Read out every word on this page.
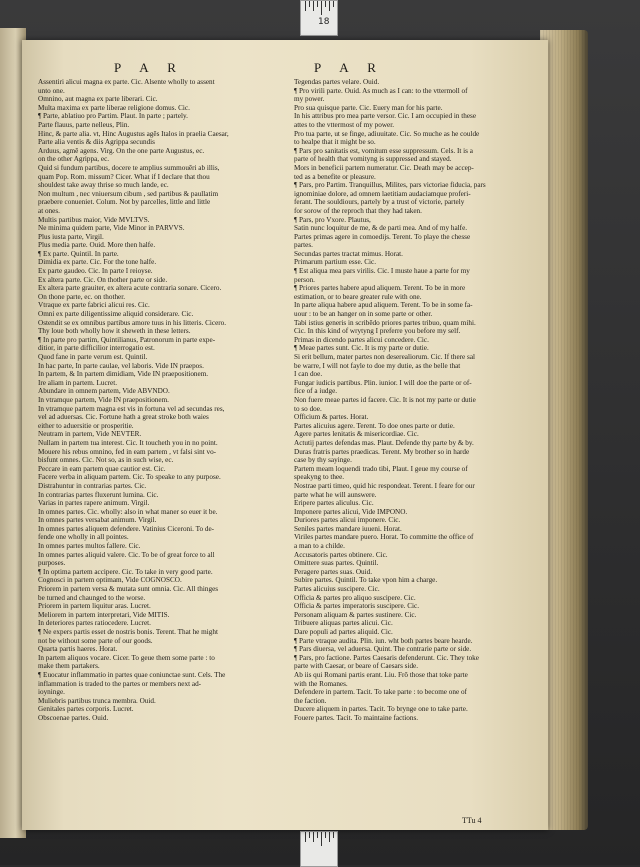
18
P A R	P A R
Assentiri alicui magna ex parte. Cic. Alsente wholly to assent
unto one.
Omnino, aut magna ex parte liberari. Cic.
Multa maxima ex parte liberae religione domus. Cic.
¶ Parte, ablatiuo pro Partim. Plaut. In parte ; partely.
Parte flauus, parte nelleus, Plin.
Hinc, & parte alia. vt, Hinc Augustus agēs Italos in praelia Caesar,
Parte alia ventis & diis Agrippa secundis
Arduus, agmē agens. Virg. On the one parte Augustus, ec.
on the other Agrippa, ec.
Quid si fundum partibus, docere te amplius summouēri ab illis,
quam Pop. Rom. missum? Cicer. What if I declare that thou
shouldest take away thrise so much lande, ec.
Non multum , nec vniuersum cibum , sed partibus & paullatim
praebere conueniet. Colum. Not by parcelles, little and little
at ones.
Multis partibus maior, Vide MVLTVS.
Ne minima quidem parte, Vide Minor in PARVVS.
Plus iusta parte, Virgil.
Plus media parte. Ouid. More then halfe.
¶ Ex parte. Quintil. In parte.
Dimidia ex parte. Cic. For the tone halfe.
Ex parte gaudeo. Cic. In parte I reioyse.
Ex altera parte. Cic. On thother parte or side.
Ex altera parte grauiter, ex altera acute contraria sonare. Cicero.
On thone parte, ec. on thother.
Vtraque ex parte fabrici alicui res. Cic.
Omni ex parte diligentissime aliquid considerare. Cic.
Ostendit se ex omnibus partibus amore tuus in his litteris. Cicero.
Thy loue both wholly how it sheweth in these letters.
¶ In parte pro partim, Quintilianus, Patronorum in parte expe-
ditior, in parte difficilior interrogatio est.
Quod fane in parte verum est. Quintil.
In hac parte, In parte caulae, vel laboris. Vide IN praepos.
In partem, & In partem dimidiam, Vide IN praepositionem.
Ire aliam in partem. Lucret.
Abundare in omnem partem, Vide ABVNDO.
In vtramque partem, Vide IN praepositionem.
In vtramque partem magna est vis in fortuna vel ad secundas res,
vel ad aduersas. Cic. Fortune hath a great stroke both waies
either to aduersitie or prosperitie.
Neutram in partem, Vide NEVTER.
Nullam in partem tua interest. Cic. It toucheth you in no point.
Mouere his rebus omnino, fed in eam partem , vt falsi sint vo-
bisfunt omnes. Cic. Not so, as in such wise, ec.
Peccare in eam partem quae cautior est. Cic.
Facere verba in aliquam partem. Cic. To speake to any purpose.
Distrahuntur in contrarias partes. Cic.
In contrarias partes fluxerunt lumina. Cic.
Varias in partes rapere animum. Virgil.
In omnes partes. Cic. wholly: also in what maner so euer it be.
In omnes partes versabat animum. Virgil.
In omnes partes aliquem defendere. Vatinius Ciceroni. To de-
fende one wholly in all pointes.
In omnes partes multos fallere. Cic.
In omnes partes aliquid valere. Cic. To be of great force to all
purposes.
¶ In optima partem accipere. Cic. To take in very good parte.
Cognosci in partem optimam, Vide COGNOSCO.
Priorem in partem versa & mutata sunt omnia. Cic. All thinges
be turned and chaunged to the worse.
Priorem in partem liquitur aras. Lucret.
Meliorem in partem interpretari, Vide MITIS.
In deteriores partes ratiocedere. Lucret.
¶ Ne expers partis esset de nostris bonis. Terent. That he might
not be without some parte of our goods.
Quarta partis haeres. Horat.
In partem aliquos vocare. Cicer. To geue them some parte : to
make them partakers.
¶ Euocatur inflammatio in partes quae coniunctae sunt. Cels. The
inflammation is traded to the partes or members next ad-
ioyninge.
Muliebris partibus trunca membra. Ouid.
Genitales partes corporis. Lucret.
Obscoenae partes. Ouid.
Tegendas partes velare. Ouid.
¶ Pro virili parte. Ouid. As much as I can: to the vttermoll of
my power.
Pro sua quisque parte. Cic. Euery man for his parte.
In his attribus pro mea parte versor. Cic. I am occupied in these
attes to the vttermost of my power.
Pro tua parte, ut se finge, adiuuitate. Cic. So muche as he coulde
to healpe that it might be so.
¶ Pars pro sanitatis est, vomitum esse suppressum. Cels. It is a
parte of health that vomityng is suppressed and stayed.
Mors in beneficii partem numeratur. Cic. Death may be accep-
ted as a benefite or pleasure.
¶ Pars, pro Partim. Tranquillus, Milites, pars victoriae fiducia, pars
ignominiae dolore, ad omnem laetitiam audaciamque proferi-
ferant. The souldiours, partely by a trust of victorie, partely
for sorow of the reproch that they had taken.
¶ Pars, pro Vxore. Plautus,
Satin nunc loquitur de me, & de parti mea. And of my halfe.
Partes primas agere in comoedijs. Terent. To playe the chesse
partes.
Secundas partes tractat mimus. Horat.
Primarum partium esse. Cic.
¶ Est aliqua mea pars virilis. Cic. I muste haue a parte for my
person.
¶ Priores partes habere apud aliquem. Terent. To be in more
estimation, or to beare greater rule with one.
In parte aliqua habere apud aliquem. Terent. To be in some fa-
uour : to be an hanger on in some parte or other.
Tabi istius generis in scribēdo priores partes tribuo, quam mihi.
Cic. In this kind of wrytyng I preferre you before my self.
Primas in dicendo partes alicui concedere. Cic.
¶ Meae partes sunt. Cic. It is my parte or dutie.
Si erit bellum, mater partes non deserealiorum. Cic. If there sal
be warre, I will not fayle to doe my dutie, as the belle that
I can doe.
Fungar iudicis partibus. Plin. iunior. I will doe the parte or of-
fice of a iudge.
Non fuere meae partes id facere. Cic. It is not my parte or dutie
to so doe.
Officium & partes. Horat.
Partes alicuius agere. Terent. To doe ones parte or dutie.
Agere partes lenitatis & misericordiae. Cic.
Actutij partes defendas mas. Plaut. Defende thy parte by & by.
Duras fratris partes praedicas. Terent. My brother so in harde
case by thy sayinge.
Partem meam loquendi trado tibi, Plaut. I geue my course of
speakyng to thee.
Nostrae parti timeo, quid hic respondeat. Terent. I feare for our
parte what he will aunswere.
Eripere partes aliculus. Cic.
Imponere partes alicui, Vide IMPONO.
Duriores partes alicui imponere. Cic.
Seniles partes mandare iuueni. Horat.
Viriles partes mandare puero. Horat. To committe the office of
a man to a childe.
Accusatoris partes obtinere. Cic.
Omittere suas partes. Quintil.
Peragere partes suas. Ouid.
Subire partes. Quintil. To take vpon him a charge.
Partes alicuius suscipere. Cic.
Officia & partes pro aliquo suscipere. Cic.
Officia & partes imperatoris suscipere. Cic.
Personam aliquam & partes sustinere. Cic.
Tribuere aliquas partes alicui. Cic.
Dare populi ad partes aliquid. Cic.
¶ Parte vtraque audita. Plin. iun. wht both partes beare hearde.
¶ Pars diuersa, vel aduersa. Quint. The contrarie parte or side.
¶ Pars, pro factione. Partes Caesaris defenderunt. Cic. They toke
parte with Caesar, or beare of Caesars side.
Ab iis qui Romani partis erant. Liu. Frō those that toke parte
with the Romanes.
Defendere in partem. Tacit. To take parte : to become one of
the faction.
Ducere aliquem in partes. Tacit. To brynge one to take parte.
Fouere partes. Tacit. To maintaine factions.
TTu 4
